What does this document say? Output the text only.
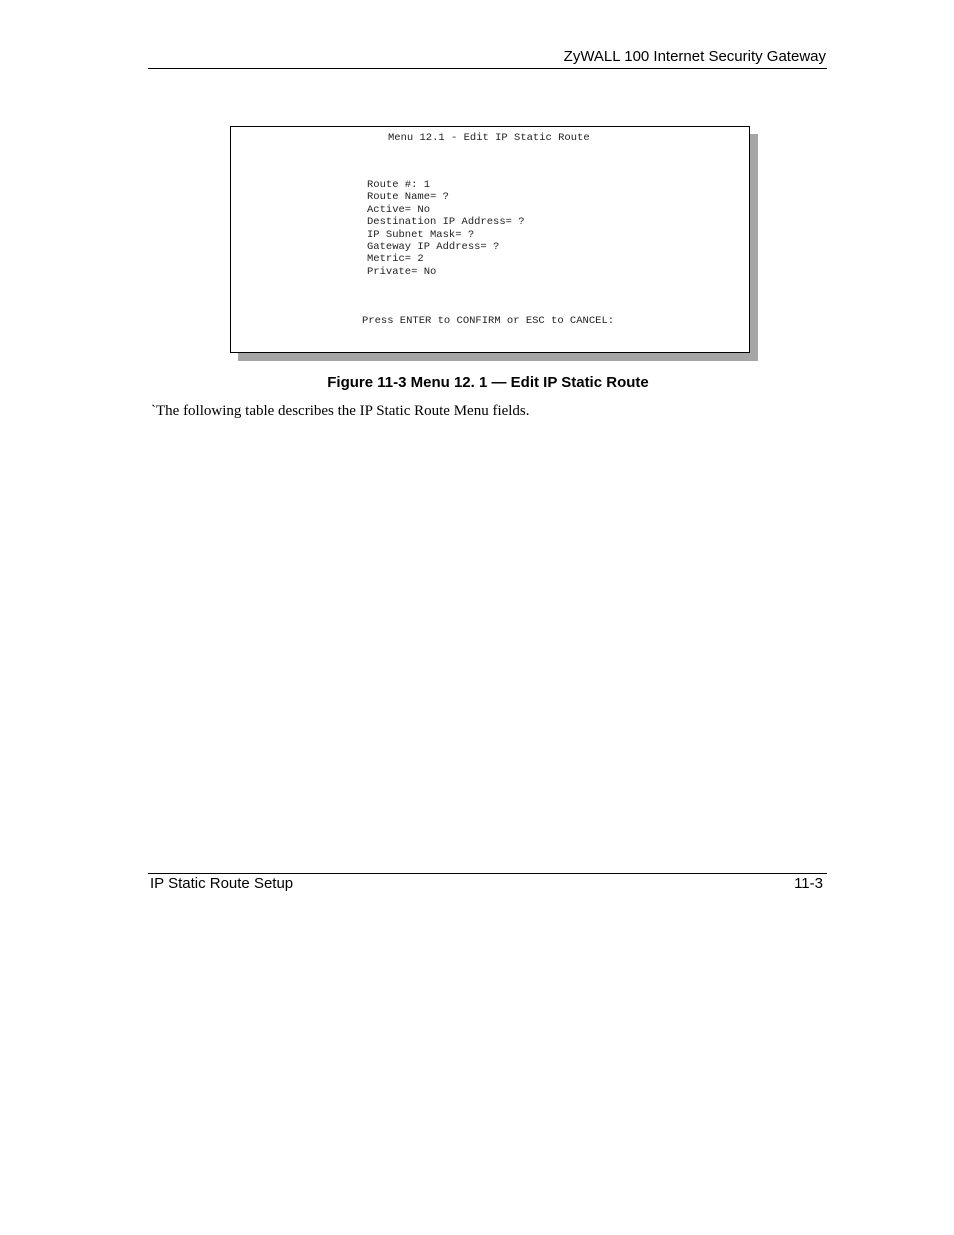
ZyWALL 100 Internet Security Gateway
Menu 12.1 - Edit IP Static Route
Route #: 1
Route Name= ?
Active= No
Destination IP Address= ?
IP Subnet Mask= ?
Gateway IP Address= ?
Metric= 2
Private= No
Press ENTER to CONFIRM or ESC to CANCEL:
Figure 11-3 Menu 12. 1 — Edit IP Static Route
`The following table describes the IP Static Route Menu fields.
IP Static Route Setup	11-3
